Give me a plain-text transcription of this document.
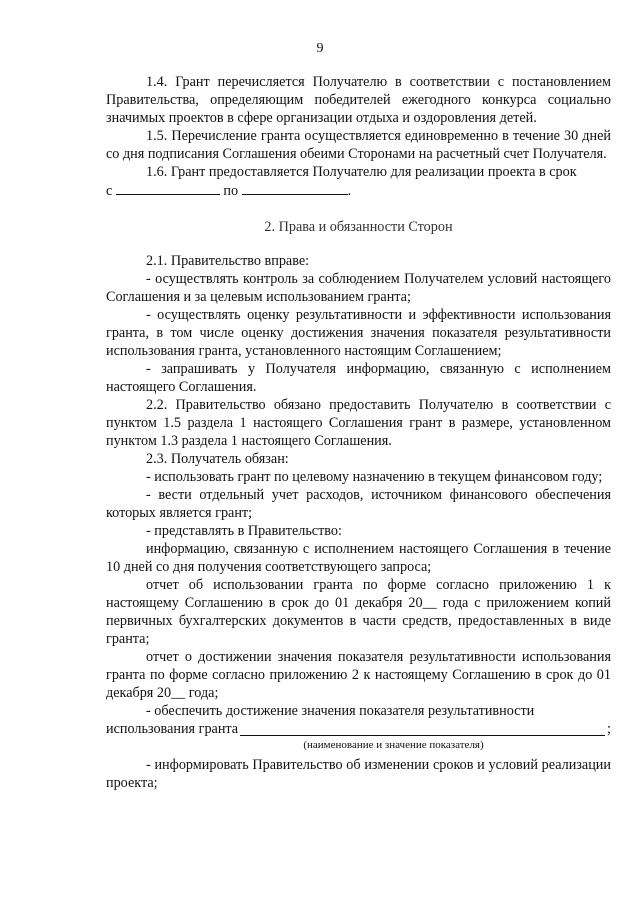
9

1.4. Грант перечисляется Получателю в соответствии с постановлением Правительства, определяющим победителей ежегодного конкурса социально значимых проектов в сфере организации отдыха и оздоровления детей.

1.5. Перечисление гранта осуществляется единовременно в течение 30 дней со дня подписания Соглашения обеими Сторонами на расчетный счет Получателя.

1.6. Грант предоставляется Получателю для реализации проекта в срок

с	по	.

2. Права и обязанности Сторон

2.1. Правительство вправе:

- осуществлять контроль за соблюдением Получателем условий настоящего Соглашения и за целевым использованием гранта;

- осуществлять оценку результативности и эффективности использования гранта, в том числе оценку достижения значения показателя результативности использования гранта, установленного настоящим Соглашением;

- запрашивать у Получателя информацию, связанную с исполнением настоящего Соглашения.

2.2. Правительство обязано предоставить Получателю в соответствии с пунктом 1.5 раздела 1 настоящего Соглашения грант в размере, установленном пунктом 1.3 раздела 1 настоящего Соглашения.

2.3. Получатель обязан:

- использовать грант по целевому назначению в текущем финансовом году;

- вести отдельный учет расходов, источником финансового обеспечения которых является грант;

- представлять в Правительство:

информацию, связанную с исполнением настоящего Соглашения в течение 10 дней со дня получения соответствующего запроса;

отчет об использовании гранта по форме согласно приложению 1 к настоящему Соглашению в срок до 01 декабря 20__ года с приложением копий первичных бухгалтерских документов в части средств, предоставленных в виде гранта;

отчет о достижении значения показателя результативности использования гранта по форме согласно приложению 2 к настоящему Соглашению в срок до 01 декабря 20__ года;

- обеспечить достижение значения показателя результативности

использования гранта	;
(наименование и значение показателя)

- информировать Правительство об изменении сроков и условий реализации проекта;
